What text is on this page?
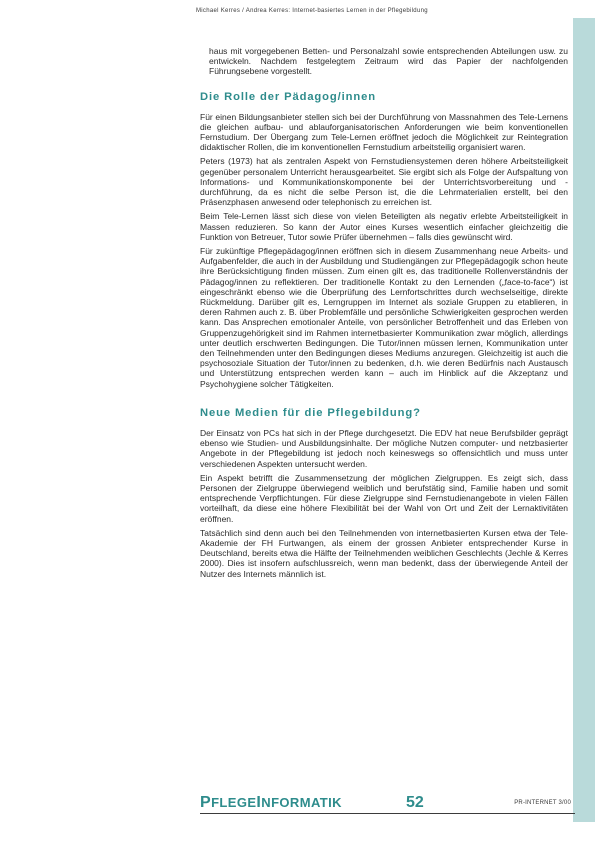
Michael Kerres / Andrea Kerres: Internet-basiertes Lernen in der Pflegebildung

haus mit vorgegebenen Betten- und Personalzahl sowie entsprechenden Abteilungen usw. zu entwickeln. Nachdem festgelegtem Zeitraum wird das Papier der nachfolgenden Führungsebene vorgestellt.

Die Rolle der Pädagog/innen

Für einen Bildungsanbieter stellen sich bei der Durchführung von Massnahmen des Tele-Lernens die gleichen aufbau- und ablauforganisatorischen Anforderungen wie beim konventionellen Fernstudium. Der Übergang zum Tele-Lernen eröffnet jedoch die Möglichkeit zur Reintegration didaktischer Rollen, die im konventionellen Fernstudium arbeitsteilig organisiert waren.

Peters (1973) hat als zentralen Aspekt von Fernstudiensystemen deren höhere Arbeitsteiligkeit gegenüber personalem Unterricht herausgearbeitet. Sie ergibt sich als Folge der Aufspaltung von Informations- und Kommunikationskomponente bei der Unterrichtsvorbereitung und -durchführung, da es nicht die selbe Person ist, die die Lehrmaterialien erstellt, bei den Präsenzphasen anwesend oder telephonisch zu erreichen ist.

Beim Tele-Lernen lässt sich diese von vielen Beteiligten als negativ erlebte Arbeitsteiligkeit in Massen reduzieren. So kann der Autor eines Kurses wesentlich einfacher gleichzeitig die Funktion von Betreuer, Tutor sowie Prüfer übernehmen – falls dies gewünscht wird.

Für zukünftige Pflegepädagog/innen eröffnen sich in diesem Zusammenhang neue Arbeits- und Aufgabenfelder, die auch in der Ausbildung und Studiengängen zur Pflegepädagogik schon heute ihre Berücksichtigung finden müssen. Zum einen gilt es, das traditionelle Rollenverständnis der Pädagog/innen zu reflektieren. Der traditionelle Kontakt zu den Lernenden („face-to-face“) ist eingeschränkt ebenso wie die Überprüfung des Lernfortschrittes durch wechselseitige, direkte Rückmeldung. Darüber gilt es, Lerngruppen im Internet als soziale Gruppen zu etablieren, in deren Rahmen auch z. B. über Problemfälle und persönliche Schwierigkeiten gesprochen werden kann. Das Ansprechen emotionaler Anteile, von persönlicher Betroffenheit und das Erleben von Gruppenzugehörigkeit sind im Rahmen internetbasierter Kommunikation zwar möglich, allerdings unter deutlich erschwerten Bedingungen. Die Tutor/innen müssen lernen, Kommunikation unter den Teilnehmenden unter den Bedingungen dieses Mediums anzuregen. Gleichzeitig ist auch die psychosoziale Situation der Tutor/innen zu bedenken, d.h. wie deren Bedürfnis nach Austausch und Unterstützung entsprechen werden kann – auch im Hinblick auf die Akzeptanz und Psychohygiene solcher Tätigkeiten.

Neue Medien für die Pflegebildung?

Der Einsatz von PCs hat sich in der Pflege durchgesetzt. Die EDV hat neue Berufsbilder geprägt ebenso wie Studien- und Ausbildungsinhalte. Der mögliche Nutzen computer- und netzbasierter Angebote in der Pflegebildung ist jedoch noch keineswegs so offensichtlich und muss unter verschiedenen Aspekten untersucht werden.

Ein Aspekt betrifft die Zusammensetzung der möglichen Zielgruppen. Es zeigt sich, dass Personen der Zielgruppe überwiegend weiblich und berufstätig sind, Familie haben und somit entsprechende Verpflichtungen. Für diese Zielgruppe sind Fernstudienangebote in vielen Fällen vorteilhaft, da diese eine höhere Flexibilität bei der Wahl von Ort und Zeit der Lernaktivitäten eröffnen.

Tatsächlich sind denn auch bei den Teilnehmenden von internetbasierten Kursen etwa der Tele-Akademie der FH Furtwangen, als einem der grossen Anbieter entsprechender Kurse in Deutschland, bereits etwa die Hälfte der Teilnehmenden weiblichen Geschlechts (Jechle & Kerres 2000). Dies ist insofern aufschlussreich, wenn man bedenkt, dass der überwiegende Anteil der Nutzer des Internets männlich ist.

PFLEGEINFORMATIK	52	PR-INTERNET 3/00
